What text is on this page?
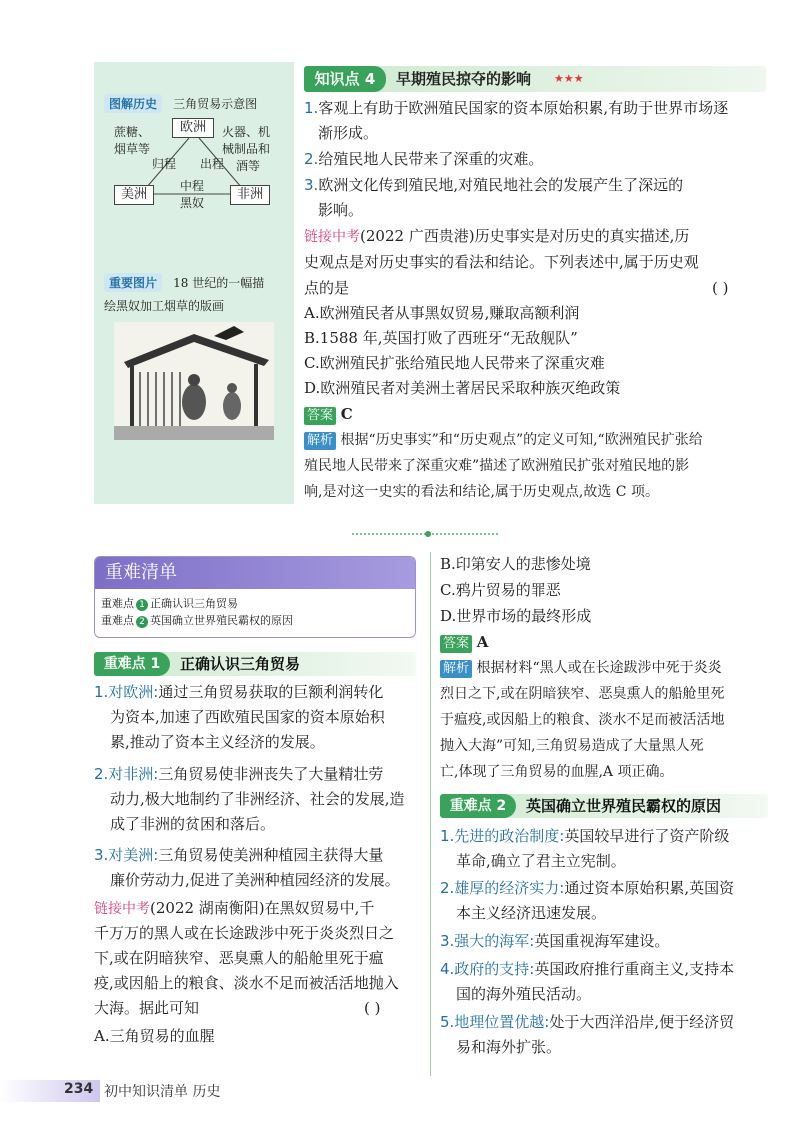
图解历史 三角贸易示意图
欧洲
美洲	非洲
蔗糖、
烟草等
火器、机
械制品和
酒等
归程 出程
中程
黑奴
重要图片 18 世纪的一幅描
绘黑奴加工烟草的版画
知识点 4	早期殖民掠夺的影响 ★★★
1.客观上有助于欧洲殖民国家的资本原始积累,有助于世界市场逐
渐形成。
2.给殖民地人民带来了深重的灾难。
3.欧洲文化传到殖民地,对殖民地社会的发展产生了深远的
影响。
链接中考(2022 广西贵港)历史事实是对历史的真实描述,历
史观点是对历史事实的看法和结论。下列表述中,属于历史观
点的是	( )
A.欧洲殖民者从事黑奴贸易,赚取高额利润
B.1588 年,英国打败了西班牙“无敌舰队”
C.欧洲殖民扩张给殖民地人民带来了深重灾难
D.欧洲殖民者对美洲土著居民采取种族灭绝政策
答案 C
解析 根据“历史事实”和“历史观点”的定义可知,“欧洲殖民扩张给
殖民地人民带来了深重灾难”描述了欧洲殖民扩张对殖民地的影
响,是对这一史实的看法和结论,属于历史观点,故选 C 项。
重难清单
重难点 1 正确认识三角贸易
重难点 2 英国确立世界殖民霸权的原因
重难点 1	正确认识三角贸易
1.对欧洲:通过三角贸易获取的巨额利润转化
为资本,加速了西欧殖民国家的资本原始积
累,推动了资本主义经济的发展。
2.对非洲:三角贸易使非洲丧失了大量精壮劳
动力,极大地制约了非洲经济、社会的发展,造
成了非洲的贫困和落后。
3.对美洲:三角贸易使美洲种植园主获得大量
廉价劳动力,促进了美洲种植园经济的发展。
链接中考(2022 湖南衡阳)在黑奴贸易中,千
千万万的黑人或在长途跋涉中死于炎炎烈日之
下,或在阴暗狭窄、恶臭熏人的船舱里死于瘟
疫,或因船上的粮食、淡水不足而被活活地抛入
大海。据此可知	( )
A.三角贸易的血腥
B.印第安人的悲惨处境
C.鸦片贸易的罪恶
D.世界市场的最终形成
答案 A
解析 根据材料“黑人或在长途跋涉中死于炎炎
烈日之下,或在阴暗狭窄、恶臭熏人的船舱里死
于瘟疫,或因船上的粮食、淡水不足而被活活地
抛入大海”可知,三角贸易造成了大量黑人死
亡,体现了三角贸易的血腥,A 项正确。
重难点 2	英国确立世界殖民霸权的原因
1.先进的政治制度:英国较早进行了资产阶级
革命,确立了君主立宪制。
2.雄厚的经济实力:通过资本原始积累,英国资
本主义经济迅速发展。
3.强大的海军:英国重视海军建设。
4.政府的支持:英国政府推行重商主义,支持本
国的海外殖民活动。
5.地理位置优越:处于大西洋沿岸,便于经济贸
易和海外扩张。
234 初中知识清单 历史
